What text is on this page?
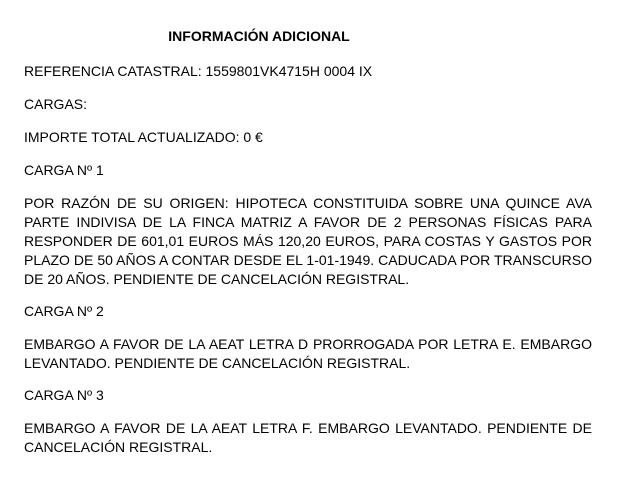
INFORMACIÓN ADICIONAL
REFERENCIA CATASTRAL: 1559801VK4715H 0004 IX
CARGAS:
IMPORTE TOTAL ACTUALIZADO: 0 €
CARGA Nº 1
POR RAZÓN DE SU ORIGEN: HIPOTECA CONSTITUIDA SOBRE UNA QUINCE AVA PARTE INDIVISA DE LA FINCA MATRIZ A FAVOR DE 2 PERSONAS FÍSICAS PARA RESPONDER DE 601,01 EUROS MÁS 120,20 EUROS, PARA COSTAS Y GASTOS POR PLAZO DE 50 AÑOS A CONTAR DESDE EL 1-01-1949. CADUCADA POR TRANSCURSO DE 20 AÑOS. PENDIENTE DE CANCELACIÓN REGISTRAL.
CARGA Nº 2
EMBARGO A FAVOR DE LA AEAT LETRA D PRORROGADA POR LETRA E. EMBARGO LEVANTADO. PENDIENTE DE CANCELACIÓN REGISTRAL.
CARGA Nº 3
EMBARGO A FAVOR DE LA AEAT LETRA F. EMBARGO LEVANTADO. PENDIENTE DE CANCELACIÓN REGISTRAL.
